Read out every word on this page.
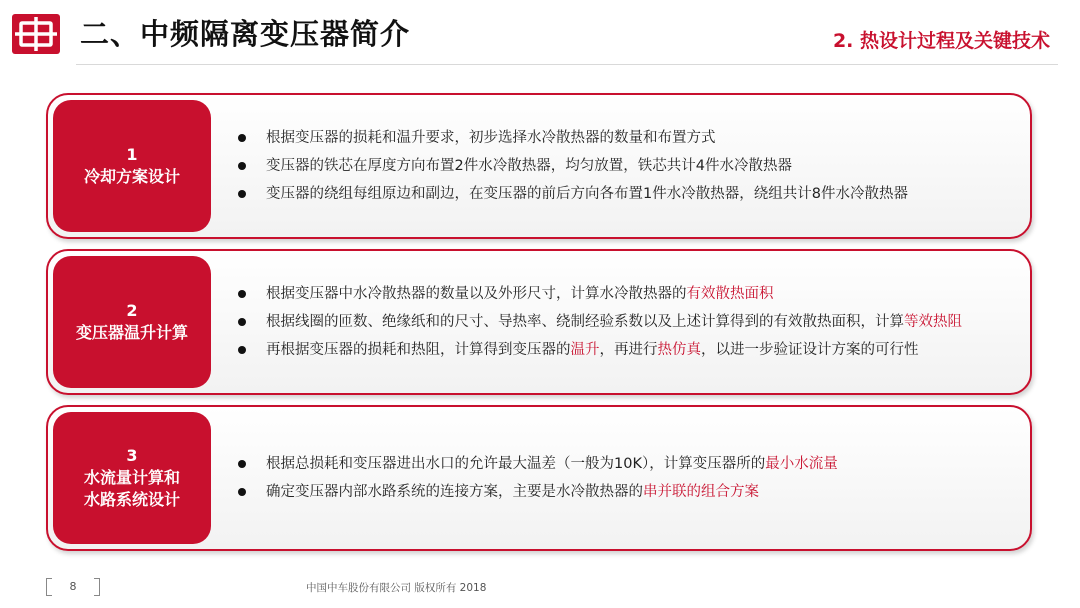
二、中频隔离变压器简介	2. 热设计过程及关键技术
1
冷却方案设计
根据变压器的损耗和温升要求，初步选择水冷散热器的数量和布置方式
变压器的铁芯在厚度方向布置2件水冷散热器，均匀放置，铁芯共计4件水冷散热器
变压器的绕组每组原边和副边，在变压器的前后方向各布置1件水冷散热器，绕组共计8件水冷散热器
2
变压器温升计算
根据变压器中水冷散热器的数量以及外形尺寸，计算水冷散热器的有效散热面积
根据线圈的匝数、绝缘纸和的尺寸、导热率、绕制经验系数以及上述计算得到的有效散热面积，计算等效热阻
再根据变压器的损耗和热阻，计算得到变压器的温升，再进行热仿真，以进一步验证设计方案的可行性
3
水流量计算和
水路系统设计
根据总损耗和变压器进出水口的允许最大温差（一般为10K），计算变压器所的最小水流量
确定变压器内部水路系统的连接方案，主要是水冷散热器的串并联的组合方案
8	中国中车股份有限公司 版权所有 2018
